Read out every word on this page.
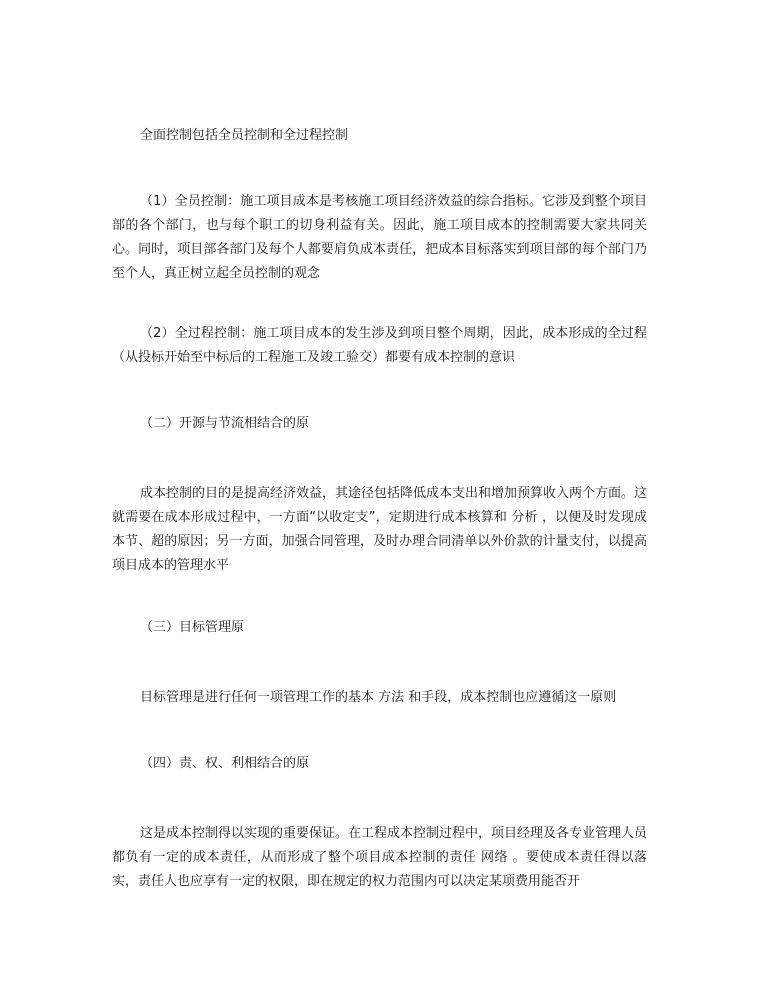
全面控制包括全员控制和全过程控制

（1）全员控制：施工项目成本是考核施工项目经济效益的综合指标。它涉及到整个项目部的各个部门，也与每个职工的切身利益有关。因此，施工项目成本的控制需要大家共同关心。同时，项目部各部门及每个人都要肩负成本责任，把成本目标落实到项目部的每个部门乃至个人，真正树立起全员控制的观念

（2）全过程控制：施工项目成本的发生涉及到项目整个周期，因此，成本形成的全过程（从投标开始至中标后的工程施工及竣工验交）都要有成本控制的意识

（二）开源与节流相结合的原

成本控制的目的是提高经济效益，其途径包括降低成本支出和增加预算收入两个方面。这就需要在成本形成过程中，一方面“以收定支”，定期进行成本核算和 分析 ，以便及时发现成本节、超的原因；另一方面，加强合同管理，及时办理合同清单以外价款的计量支付，以提高项目成本的管理水平

（三）目标管理原

目标管理是进行任何一项管理工作的基本 方法 和手段，成本控制也应遵循这一原则

（四）责、权、利相结合的原

这是成本控制得以实现的重要保证。在工程成本控制过程中，项目经理及各专业管理人员都负有一定的成本责任，从而形成了整个项目成本控制的责任 网络 。要使成本责任得以落实，责任人也应享有一定的权限，即在规定的权力范围内可以决定某项费用能否开
